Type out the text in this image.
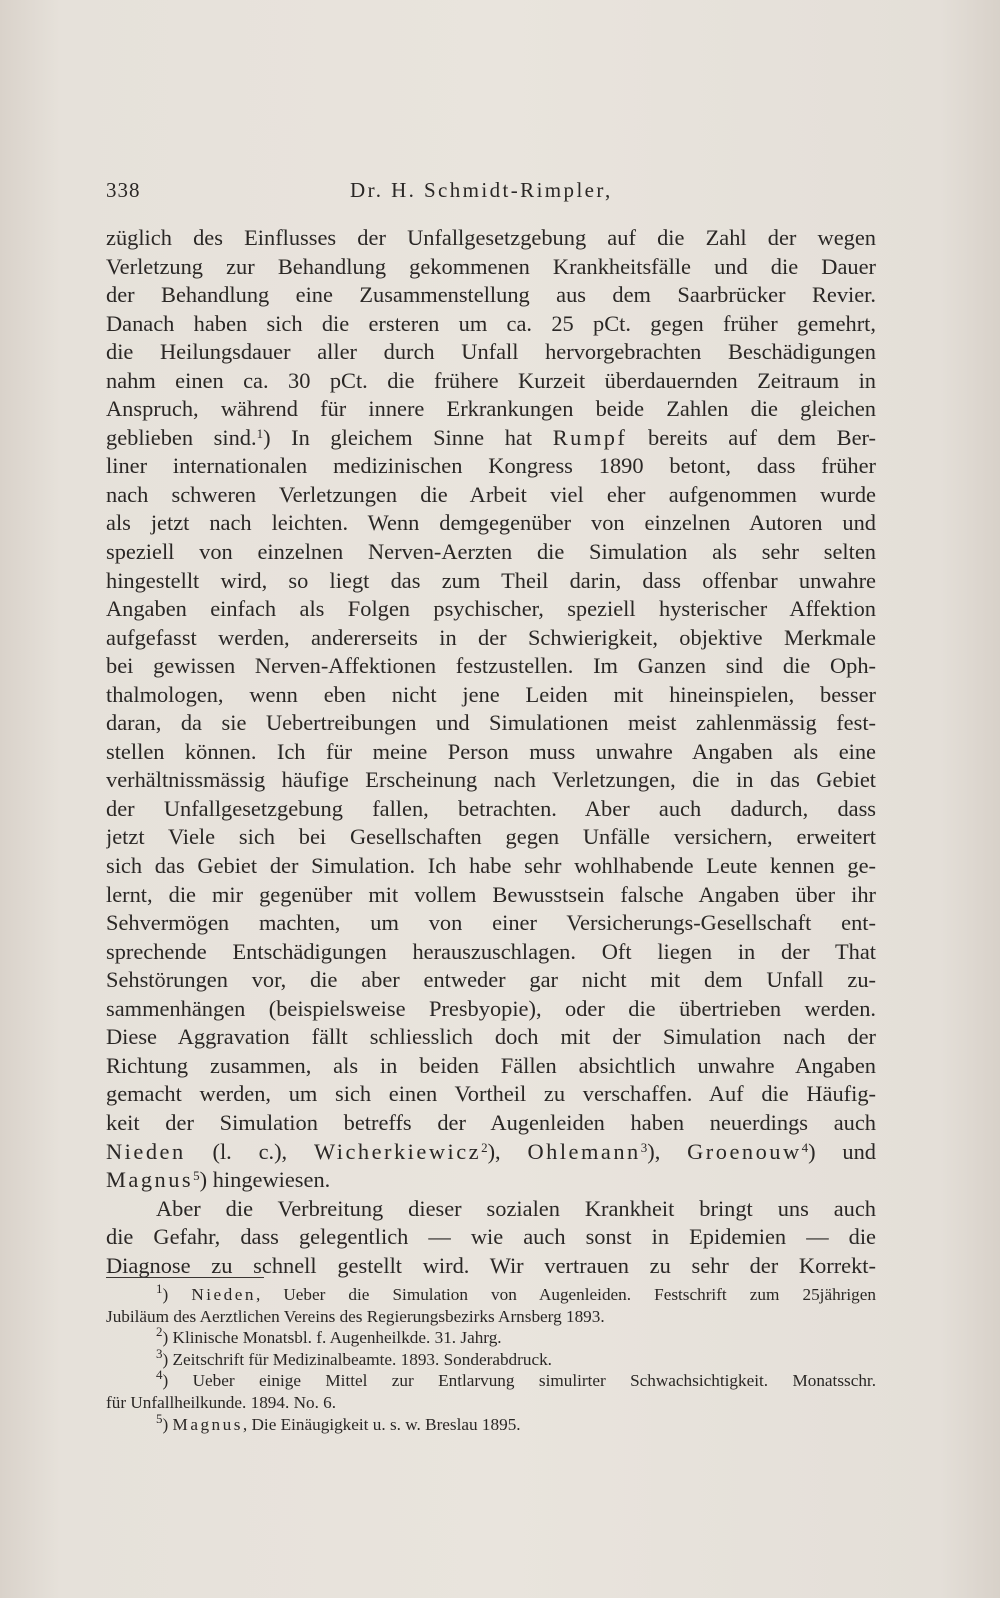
338	Dr. H. Schmidt-Rimpler,
züglich des Einflusses der Unfallgesetzgebung auf die Zahl der wegen
Verletzung zur Behandlung gekommenen Krankheitsfälle und die Dauer
der Behandlung eine Zusammenstellung aus dem Saarbrücker Revier.
Danach haben sich die ersteren um ca. 25 pCt. gegen früher gemehrt,
die Heilungsdauer aller durch Unfall hervorgebrachten Beschädigungen
nahm einen ca. 30 pCt. die frühere Kurzeit überdauernden Zeitraum in
Anspruch, während für innere Erkrankungen beide Zahlen die gleichen
geblieben sind.$^1$) In gleichem Sinne hat Rumpf bereits auf dem Ber-
liner internationalen medizinischen Kongress 1890 betont, dass früher
nach schweren Verletzungen die Arbeit viel eher aufgenommen wurde
als jetzt nach leichten. Wenn demgegenüber von einzelnen Autoren und
speziell von einzelnen Nerven-Aerzten die Simulation als sehr selten
hingestellt wird, so liegt das zum Theil darin, dass offenbar unwahre
Angaben einfach als Folgen psychischer, speziell hysterischer Affektion
aufgefasst werden, andererseits in der Schwierigkeit, objektive Merkmale
bei gewissen Nerven-Affektionen festzustellen. Im Ganzen sind die Oph-
thalmologen, wenn eben nicht jene Leiden mit hineinspielen, besser
daran, da sie Uebertreibungen und Simulationen meist zahlenmässig fest-
stellen können. Ich für meine Person muss unwahre Angaben als eine
verhältnissmässig häufige Erscheinung nach Verletzungen, die in das Gebiet
der Unfallgesetzgebung fallen, betrachten. Aber auch dadurch, dass
jetzt Viele sich bei Gesellschaften gegen Unfälle versichern, erweitert
sich das Gebiet der Simulation. Ich habe sehr wohlhabende Leute kennen ge-
lernt, die mir gegenüber mit vollem Bewusstsein falsche Angaben über ihr
Sehvermögen machten, um von einer Versicherungs-Gesellschaft ent-
sprechende Entschädigungen herauszuschlagen. Oft liegen in der That
Sehstörungen vor, die aber entweder gar nicht mit dem Unfall zu-
sammenhängen (beispielsweise Presbyopie), oder die übertrieben werden.
Diese Aggravation fällt schliesslich doch mit der Simulation nach der
Richtung zusammen, als in beiden Fällen absichtlich unwahre Angaben
gemacht werden, um sich einen Vortheil zu verschaffen. Auf die Häufig-
keit der Simulation betreffs der Augenleiden haben neuerdings auch
Nieden (l. c.), Wicherkiewicz$^2$), Ohlemann$^3$), Groenouw$^4$) und
Magnus$^5$) hingewiesen.
Aber die Verbreitung dieser sozialen Krankheit bringt uns auch
die Gefahr, dass gelegentlich — wie auch sonst in Epidemien — die
Diagnose zu schnell gestellt wird. Wir vertrauen zu sehr der Korrekt-
$^1$) Nieden, Ueber die Simulation von Augenleiden. Festschrift zum 25jährigen
Jubiläum des Aerztlichen Vereins des Regierungsbezirks Arnsberg 1893.
$^2$) Klinische Monatsbl. f. Augenheilkde. 31. Jahrg.
$^3$) Zeitschrift für Medizinalbeamte. 1893. Sonderabdruck.
$^4$) Ueber einige Mittel zur Entlarvung simulirter Schwachsichtigkeit. Monatsschr.
für Unfallheilkunde. 1894. No. 6.
$^5$) Magnus, Die Einäugigkeit u. s. w. Breslau 1895.
